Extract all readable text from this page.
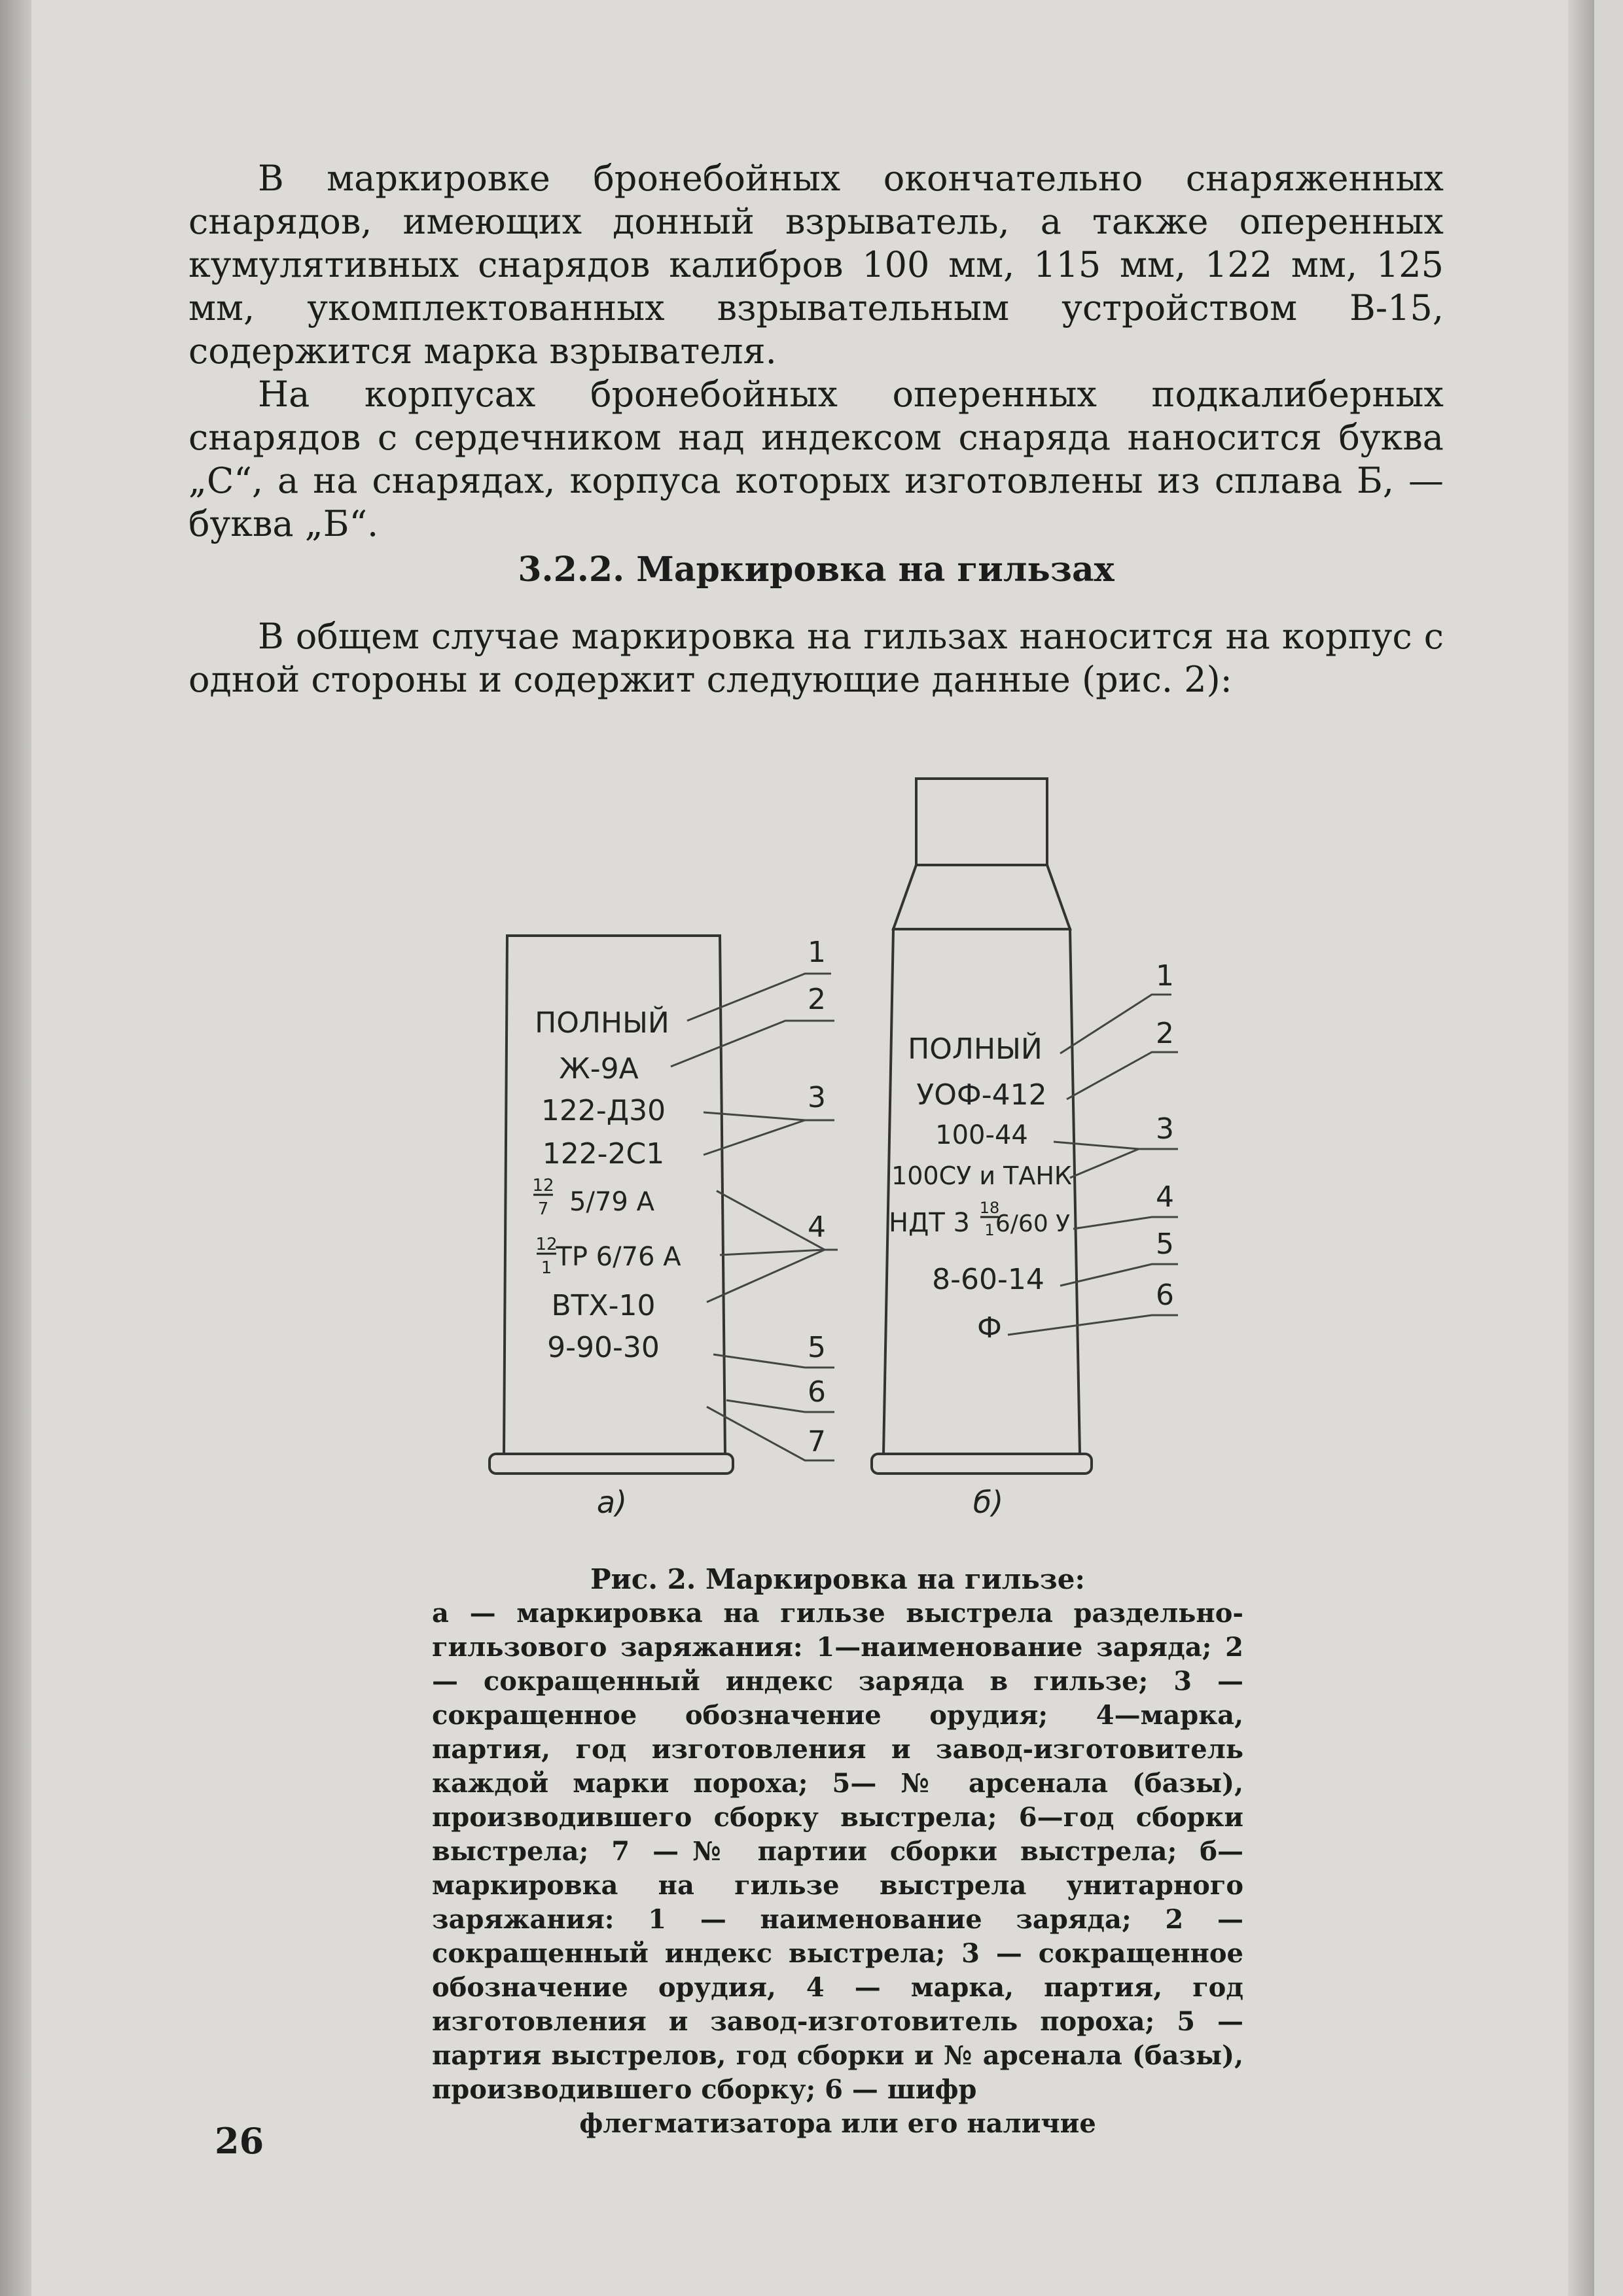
В маркировке бронебойных окончательно снаряженных снарядов, имеющих донный взрыватель, а также оперенных кумулятивных снарядов калибров 100 мм, 115 мм, 122 мм, 125 мм, укомплектованных взрывательным устройством В-15, содержится марка взрывателя.

На корпусах бронебойных оперенных подкалиберных снарядов с сердечником над индексом снаряда наносится буква „С“, а на снарядах, корпуса которых изготовлены из сплава Б, — буква „Б“.

3.2.2. Маркировка на гильзах

В общем случае маркировка на гильзах наносится на корпус с одной стороны и содержит следующие данные (рис. 2):

ПОЛНЫЙ
Ж-9А
122-Д30
122-2С1
12
7 5/79 А
12
1 ТР 6/76 А
ВТХ-10
9-90-30
1
2
3
4
5
6
7
а)
ПОЛНЫЙ
УОФ-412
100-44
100СУ и ТАНК
НДТ 3 18
1 6/60 У
8-60-14
Ф
1
2
3
4
5
6
б)
Рис. 2. Маркировка на гильзе:
а — маркировка на гильзе выстрела раздельно-гильзового заряжания: 1—наименование заряда; 2 — сокращенный индекс заряда в гильзе; 3 — сокращенное обозначение орудия; 4—марка, партия, год изготовления и завод-изготовитель каждой марки пороха; 5— № арсенала (базы), производившего сборку выстрела; 6—год сборки выстрела; 7 —№ партии сборки выстрела; б—маркировка на гильзе выстрела унитарного заряжания: 1 — наименование заряда; 2 — сокращенный индекс выстрела; 3 — сокращенное обозначение орудия, 4 — марка, партия, год изготовления и завод-изготовитель пороха; 5 — партия выстрелов, год сборки и № арсенала (базы), производившего сборку; 6 — шифр
флегматизатора или его наличие
26
